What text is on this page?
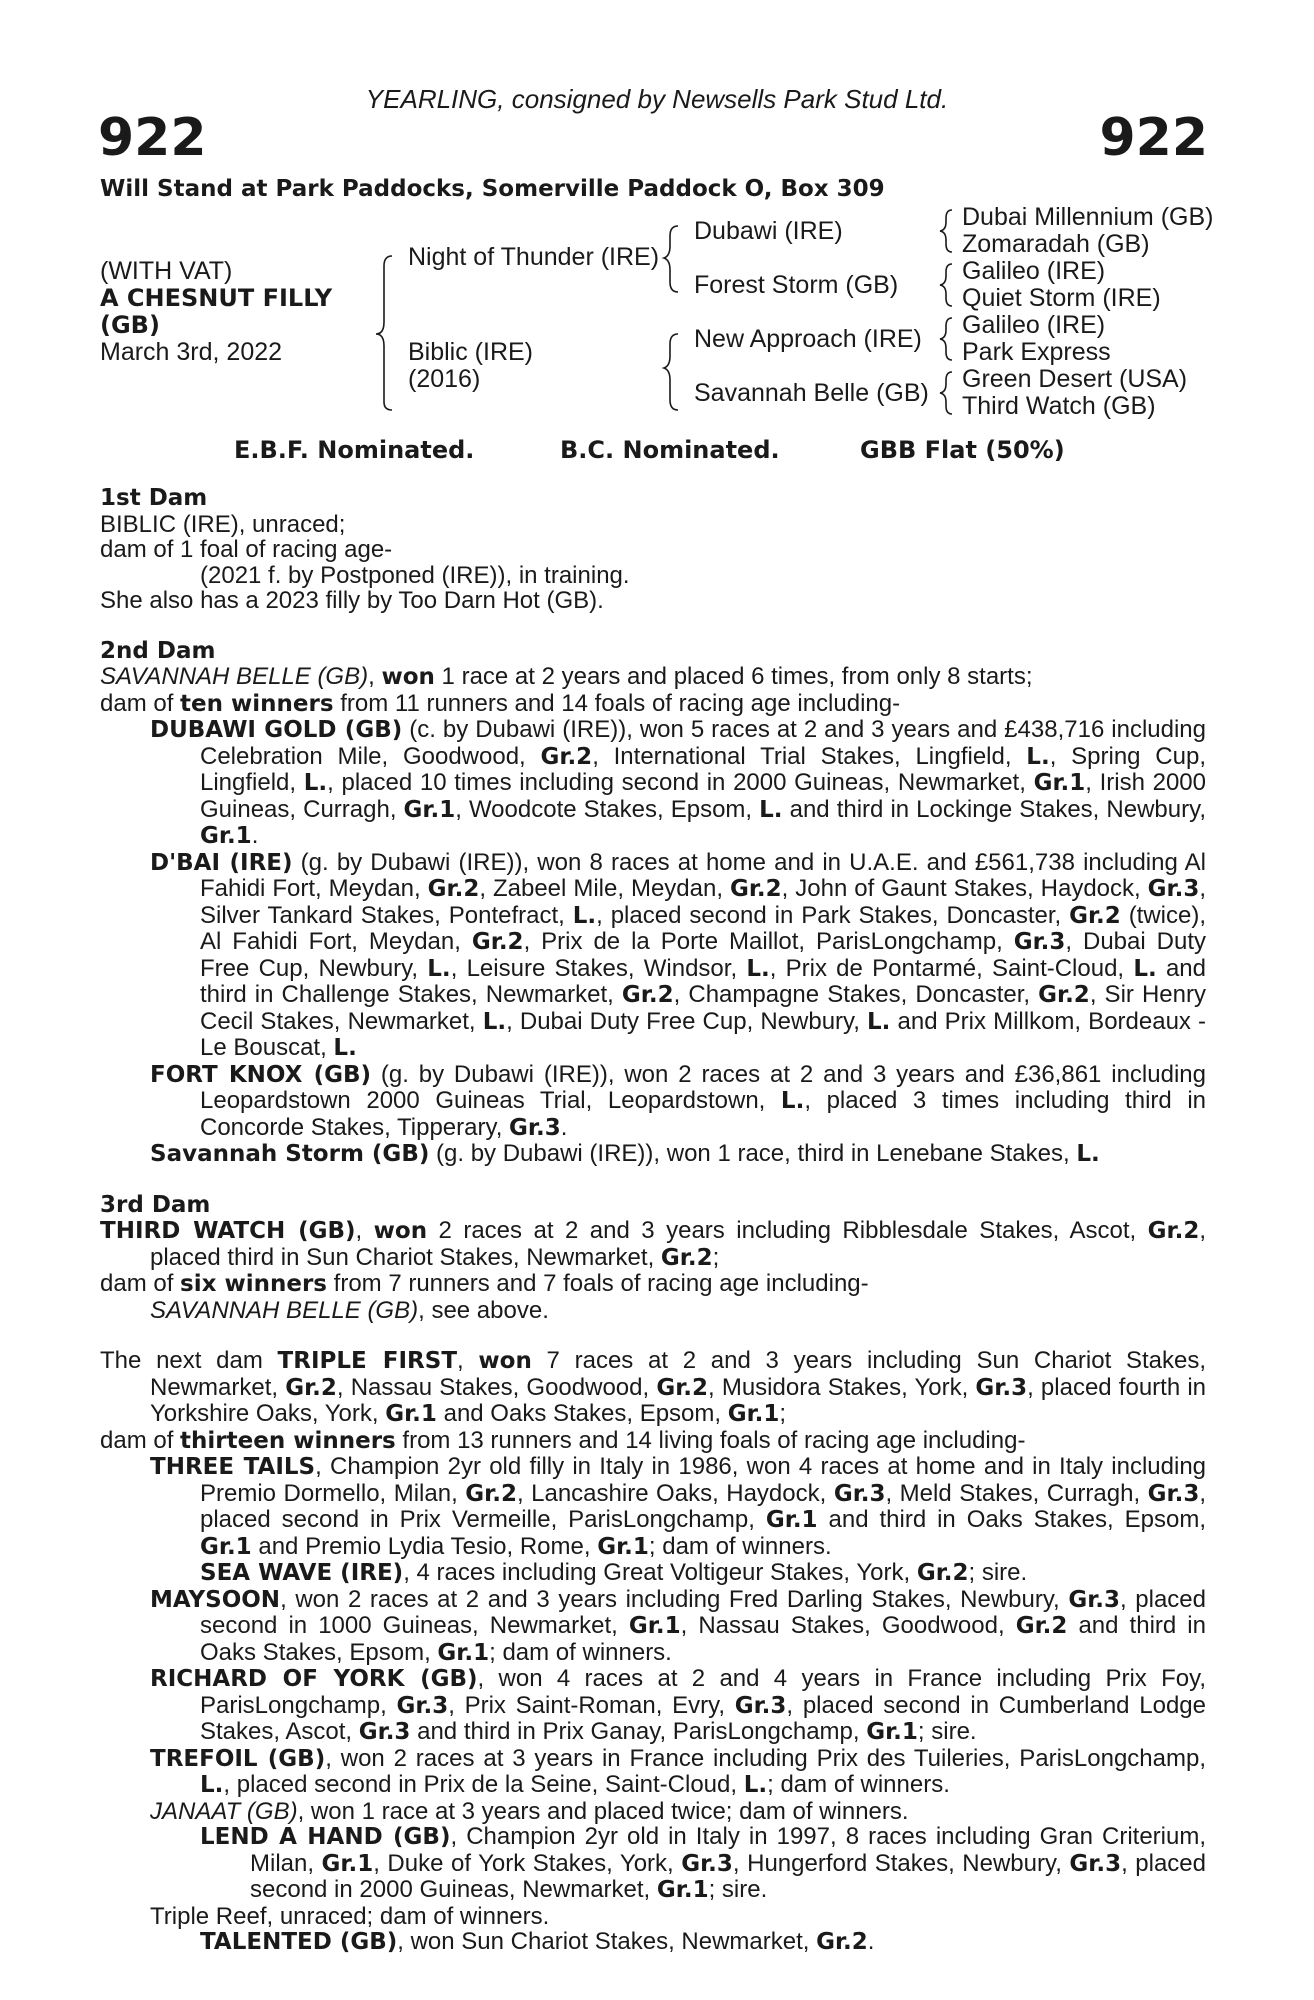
YEARLING, consigned by Newsells Park Stud Ltd.
922	922
Will Stand at Park Paddocks, Somerville Paddock O, Box 309
(WITH VAT)
A CHESNUT FILLY
(GB)
March 3rd, 2022
Night of Thunder (IRE)
Biblic (IRE)
(2016)
Dubawi (IRE)
Forest Storm (GB)
New Approach (IRE)
Savannah Belle (GB)
Dubai Millennium (GB)
Zomaradah (GB)
Galileo (IRE)
Quiet Storm (IRE)
Galileo (IRE)
Park Express
Green Desert (USA)
Third Watch (GB)
E.B.F. Nominated.	B.C. Nominated.	GBB Flat (50%)

1st Dam

BIBLIC (IRE), unraced;

dam of 1 foal of racing age-

(2021 f. by Postponed (IRE)), in training.

She also has a 2023 filly by Too Darn Hot (GB).

2nd Dam

SAVANNAH BELLE (GB), won 1 race at 2 years and placed 6 times, from only 8 starts;

dam of ten winners from 11 runners and 14 foals of racing age including-

DUBAWI GOLD (GB) (c. by Dubawi (IRE)), won 5 races at 2 and 3 years and £438,716 including Celebration Mile, Goodwood, Gr.2, International Trial Stakes, Lingfield, L., Spring Cup, Lingfield, L., placed 10 times including second in 2000 Guineas, Newmarket, Gr.1, Irish 2000 Guineas, Curragh, Gr.1, Woodcote Stakes, Epsom, L. and third in Lockinge Stakes, Newbury, Gr.1.

D'BAI (IRE) (g. by Dubawi (IRE)), won 8 races at home and in U.A.E. and £561,738 including Al Fahidi Fort, Meydan, Gr.2, Zabeel Mile, Meydan, Gr.2, John of Gaunt Stakes, Haydock, Gr.3, Silver Tankard Stakes, Pontefract, L., placed second in Park Stakes, Doncaster, Gr.2 (twice), Al Fahidi Fort, Meydan, Gr.2, Prix de la Porte Maillot, ParisLongchamp, Gr.3, Dubai Duty Free Cup, Newbury, L., Leisure Stakes, Windsor, L., Prix de Pontarmé, Saint-Cloud, L. and third in Challenge Stakes, Newmarket, Gr.2, Champagne Stakes, Doncaster, Gr.2, Sir Henry Cecil Stakes, Newmarket, L., Dubai Duty Free Cup, Newbury, L. and Prix Millkom, Bordeaux - Le Bouscat, L.

FORT KNOX (GB) (g. by Dubawi (IRE)), won 2 races at 2 and 3 years and £36,861 including Leopardstown 2000 Guineas Trial, Leopardstown, L., placed 3 times including third in Concorde Stakes, Tipperary, Gr.3.

Savannah Storm (GB) (g. by Dubawi (IRE)), won 1 race, third in Lenebane Stakes, L.

3rd Dam

THIRD WATCH (GB), won 2 races at 2 and 3 years including Ribblesdale Stakes, Ascot, Gr.2, placed third in Sun Chariot Stakes, Newmarket, Gr.2;

dam of six winners from 7 runners and 7 foals of racing age including-

SAVANNAH BELLE (GB), see above.

The next dam TRIPLE FIRST, won 7 races at 2 and 3 years including Sun Chariot Stakes, Newmarket, Gr.2, Nassau Stakes, Goodwood, Gr.2, Musidora Stakes, York, Gr.3, placed fourth in Yorkshire Oaks, York, Gr.1 and Oaks Stakes, Epsom, Gr.1;

dam of thirteen winners from 13 runners and 14 living foals of racing age including-

THREE TAILS, Champion 2yr old filly in Italy in 1986, won 4 races at home and in Italy including Premio Dormello, Milan, Gr.2, Lancashire Oaks, Haydock, Gr.3, Meld Stakes, Curragh, Gr.3, placed second in Prix Vermeille, ParisLongchamp, Gr.1 and third in Oaks Stakes, Epsom, Gr.1 and Premio Lydia Tesio, Rome, Gr.1; dam of winners.

SEA WAVE (IRE), 4 races including Great Voltigeur Stakes, York, Gr.2; sire.

MAYSOON, won 2 races at 2 and 3 years including Fred Darling Stakes, Newbury, Gr.3, placed second in 1000 Guineas, Newmarket, Gr.1, Nassau Stakes, Goodwood, Gr.2 and third in Oaks Stakes, Epsom, Gr.1; dam of winners.

RICHARD OF YORK (GB), won 4 races at 2 and 4 years in France including Prix Foy, ParisLongchamp, Gr.3, Prix Saint-Roman, Evry, Gr.3, placed second in Cumberland Lodge Stakes, Ascot, Gr.3 and third in Prix Ganay, ParisLongchamp, Gr.1; sire.

TREFOIL (GB), won 2 races at 3 years in France including Prix des Tuileries, ParisLongchamp, L., placed second in Prix de la Seine, Saint-Cloud, L.; dam of winners.

JANAAT (GB), won 1 race at 3 years and placed twice; dam of winners.

LEND A HAND (GB), Champion 2yr old in Italy in 1997, 8 races including Gran Criterium, Milan, Gr.1, Duke of York Stakes, York, Gr.3, Hungerford Stakes, Newbury, Gr.3, placed second in 2000 Guineas, Newmarket, Gr.1; sire.

Triple Reef, unraced; dam of winners.

TALENTED (GB), won Sun Chariot Stakes, Newmarket, Gr.2.
